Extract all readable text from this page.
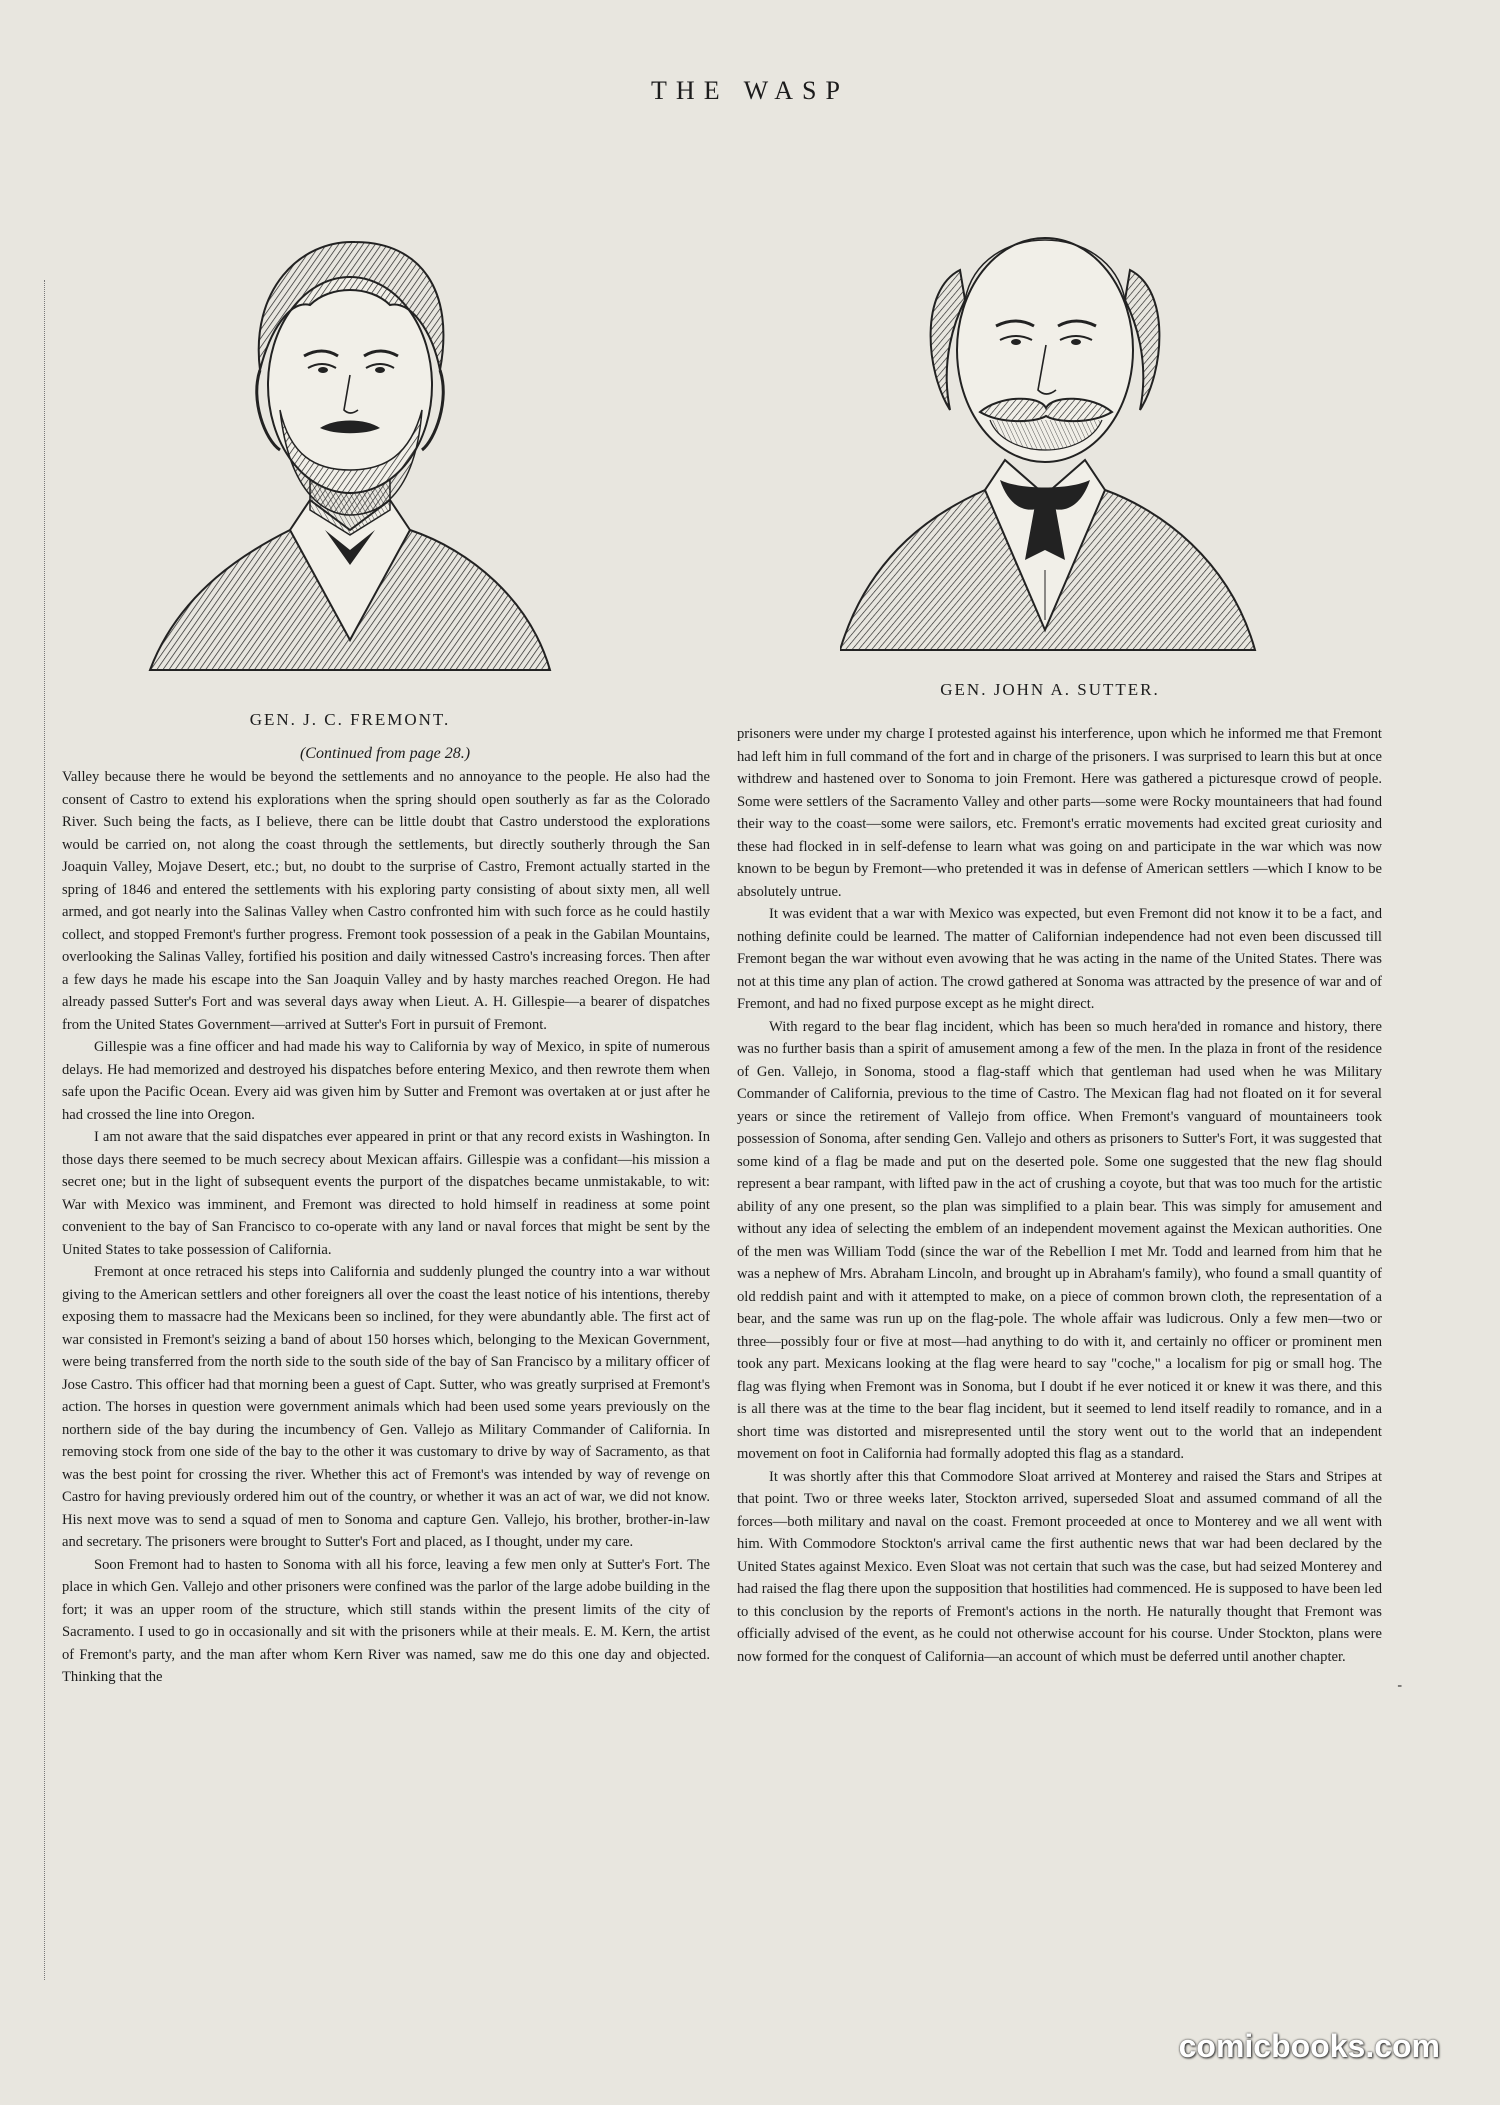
THE WASP
GEN. J. C. FREMONT.
GEN. JOHN A. SUTTER.
(Continued from page 28.)

Valley because there he would be beyond the settlements and no annoyance to the people. He also had the consent of Castro to extend his explorations when the spring should open southerly as far as the Colorado River. Such being the facts, as I believe, there can be little doubt that Castro understood the explorations would be carried on, not along the coast through the settlements, but directly southerly through the San Joaquin Valley, Mojave Desert, etc.; but, no doubt to the surprise of Castro, Fremont actually started in the spring of 1846 and entered the settlements with his exploring party consisting of about sixty men, all well armed, and got nearly into the Salinas Valley when Castro confronted him with such force as he could hastily collect, and stopped Fremont's further progress. Fremont took possession of a peak in the Gabilan Mountains, overlooking the Salinas Valley, fortified his position and daily witnessed Castro's increasing forces. Then after a few days he made his escape into the San Joaquin Valley and by hasty marches reached Oregon. He had already passed Sutter's Fort and was several days away when Lieut. A. H. Gillespie—a bearer of dispatches from the United States Government—arrived at Sutter's Fort in pursuit of Fremont.

Gillespie was a fine officer and had made his way to California by way of Mexico, in spite of numerous delays. He had memorized and destroyed his dispatches before entering Mexico, and then rewrote them when safe upon the Pacific Ocean. Every aid was given him by Sutter and Fremont was overtaken at or just after he had crossed the line into Oregon.

I am not aware that the said dispatches ever appeared in print or that any record exists in Washington. In those days there seemed to be much secrecy about Mexican affairs. Gillespie was a confidant—his mission a secret one; but in the light of subsequent events the purport of the dispatches became unmistakable, to wit: War with Mexico was imminent, and Fremont was directed to hold himself in readiness at some point convenient to the bay of San Francisco to co-operate with any land or naval forces that might be sent by the United States to take possession of California.

Fremont at once retraced his steps into California and suddenly plunged the country into a war without giving to the American settlers and other foreigners all over the coast the least notice of his intentions, thereby exposing them to massacre had the Mexicans been so inclined, for they were abundantly able. The first act of war consisted in Fremont's seizing a band of about 150 horses which, belonging to the Mexican Government, were being transferred from the north side to the south side of the bay of San Francisco by a military officer of Jose Castro. This officer had that morning been a guest of Capt. Sutter, who was greatly surprised at Fremont's action. The horses in question were government animals which had been used some years previously on the northern side of the bay during the incumbency of Gen. Vallejo as Military Commander of California. In removing stock from one side of the bay to the other it was customary to drive by way of Sacramento, as that was the best point for crossing the river. Whether this act of Fremont's was intended by way of revenge on Castro for having previously ordered him out of the country, or whether it was an act of war, we did not know. His next move was to send a squad of men to Sonoma and capture Gen. Vallejo, his brother, brother-in-law and secretary. The prisoners were brought to Sutter's Fort and placed, as I thought, under my care.

Soon Fremont had to hasten to Sonoma with all his force, leaving a few men only at Sutter's Fort. The place in which Gen. Vallejo and other prisoners were confined was the parlor of the large adobe building in the fort; it was an upper room of the structure, which still stands within the present limits of the city of Sacramento. I used to go in occasionally and sit with the prisoners while at their meals. E. M. Kern, the artist of Fremont's party, and the man after whom Kern River was named, saw me do this one day and objected. Thinking that the

prisoners were under my charge I protested against his interference, upon which he informed me that Fremont had left him in full command of the fort and in charge of the prisoners. I was surprised to learn this but at once withdrew and hastened over to Sonoma to join Fremont. Here was gathered a picturesque crowd of people. Some were settlers of the Sacramento Valley and other parts—some were Rocky mountaineers that had found their way to the coast—some were sailors, etc. Fremont's erratic movements had excited great curiosity and these had flocked in in self-defense to learn what was going on and participate in the war which was now known to be begun by Fremont—who pretended it was in defense of American settlers —which I know to be absolutely untrue.

It was evident that a war with Mexico was expected, but even Fremont did not know it to be a fact, and nothing definite could be learned. The matter of Californian independence had not even been discussed till Fremont began the war without even avowing that he was acting in the name of the United States. There was not at this time any plan of action. The crowd gathered at Sonoma was attracted by the presence of war and of Fremont, and had no fixed purpose except as he might direct.

With regard to the bear flag incident, which has been so much hera'ded in romance and history, there was no further basis than a spirit of amusement among a few of the men. In the plaza in front of the residence of Gen. Vallejo, in Sonoma, stood a flag-staff which that gentleman had used when he was Military Commander of California, previous to the time of Castro. The Mexican flag had not floated on it for several years or since the retirement of Vallejo from office. When Fremont's vanguard of mountaineers took possession of Sonoma, after sending Gen. Vallejo and others as prisoners to Sutter's Fort, it was suggested that some kind of a flag be made and put on the deserted pole. Some one suggested that the new flag should represent a bear rampant, with lifted paw in the act of crushing a coyote, but that was too much for the artistic ability of any one present, so the plan was simplified to a plain bear. This was simply for amusement and without any idea of selecting the emblem of an independent movement against the Mexican authorities. One of the men was William Todd (since the war of the Rebellion I met Mr. Todd and learned from him that he was a nephew of Mrs. Abraham Lincoln, and brought up in Abraham's family), who found a small quantity of old reddish paint and with it attempted to make, on a piece of common brown cloth, the representation of a bear, and the same was run up on the flag-pole. The whole affair was ludicrous. Only a few men—two or three—possibly four or five at most—had anything to do with it, and certainly no officer or prominent men took any part. Mexicans looking at the flag were heard to say "coche," a localism for pig or small hog. The flag was flying when Fremont was in Sonoma, but I doubt if he ever noticed it or knew it was there, and this is all there was at the time to the bear flag incident, but it seemed to lend itself readily to romance, and in a short time was distorted and misrepresented until the story went out to the world that an independent movement on foot in California had formally adopted this flag as a standard.

It was shortly after this that Commodore Sloat arrived at Monterey and raised the Stars and Stripes at that point. Two or three weeks later, Stockton arrived, superseded Sloat and assumed command of all the forces—both military and naval on the coast. Fremont proceeded at once to Monterey and we all went with him. With Commodore Stockton's arrival came the first authentic news that war had been declared by the United States against Mexico. Even Sloat was not certain that such was the case, but had seized Monterey and had raised the flag there upon the supposition that hostilities had commenced. He is supposed to have been led to this conclusion by the reports of Fremont's actions in the north. He naturally thought that Fremont was officially advised of the event, as he could not otherwise account for his course. Under Stockton, plans were now formed for the conquest of California—an account of which must be deferred until another chapter.

-
comicbooks.com
